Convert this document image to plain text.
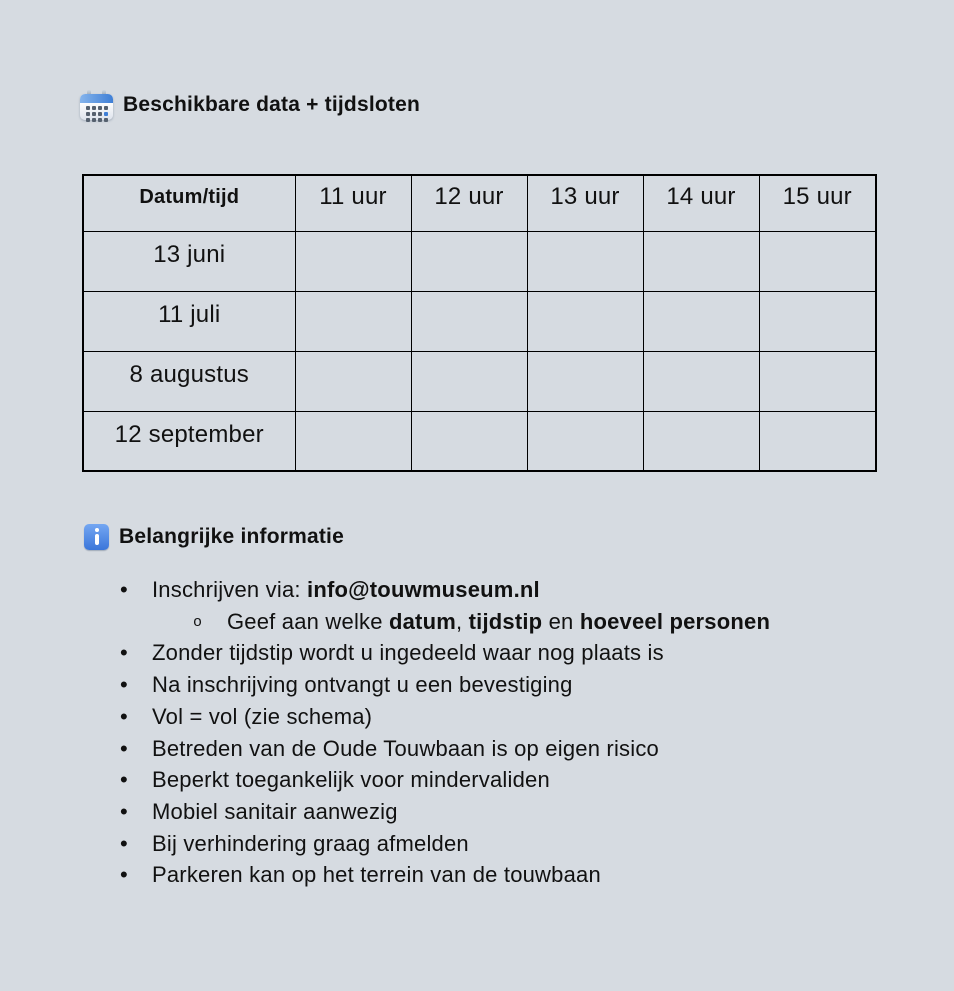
Beschikbare data + tijdsloten
Datum/tijd	11 uur	12 uur	13 uur	14 uur	15 uur
13 juni					
11 juli					
8 augustus					
12 september					
Belangrijke informatie
• Inschrijven via: info@touwmuseum.nl
o Geef aan welke datum, tijdstip en hoeveel personen
• Zonder tijdstip wordt u ingedeeld waar nog plaats is
• Na inschrijving ontvangt u een bevestiging
• Vol = vol (zie schema)
• Betreden van de Oude Touwbaan is op eigen risico
• Beperkt toegankelijk voor mindervaliden
• Mobiel sanitair aanwezig
• Bij verhindering graag afmelden
• Parkeren kan op het terrein van de touwbaan
